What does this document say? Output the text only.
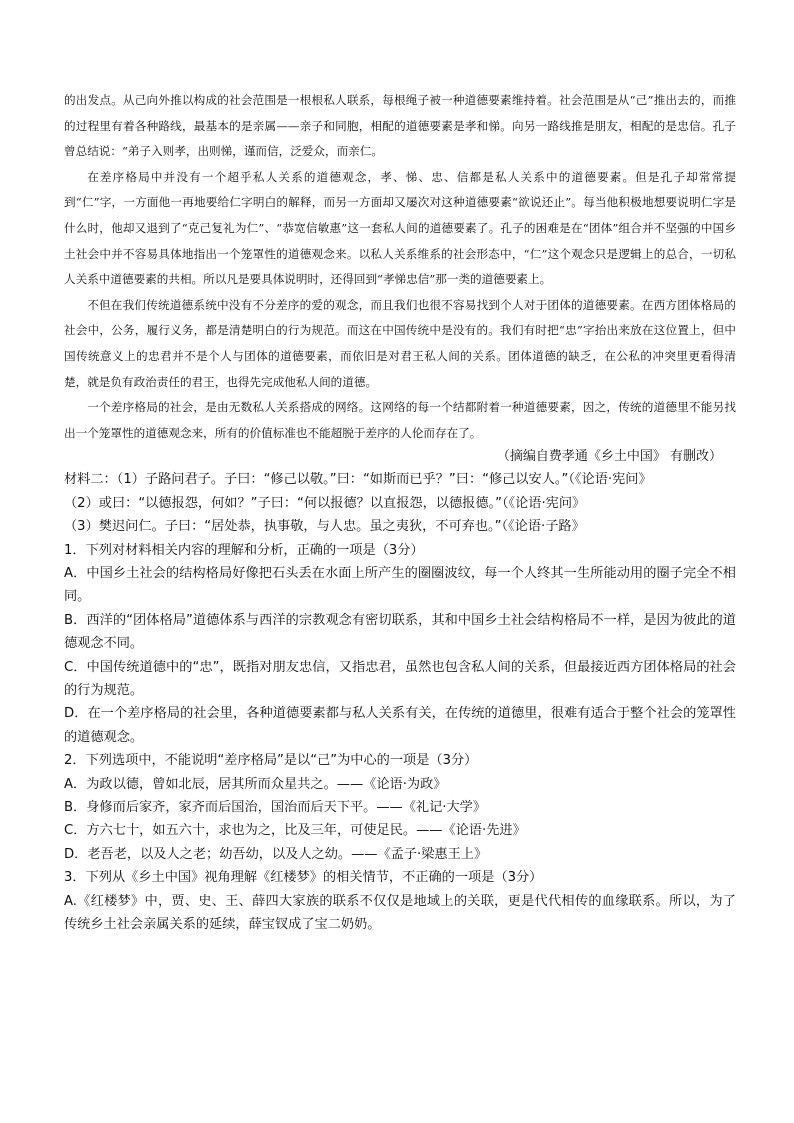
的出发点。从己向外推以构成的社会范围是一根根私人联系，每根绳子被一种道德要素维持着。社会范围是从“己”推出去的，而推的过程里有着各种路线，最基本的是亲属——亲子和同胞，相配的道德要素是孝和悌。向另一路线推是朋友，相配的是忠信。孔子曾总结说：“弟子入则孝，出则悌，谨而信，泛爱众，而亲仁。

在差序格局中并没有一个超乎私人关系的道德观念，孝、悌、忠、信都是私人关系中的道德要素。但是孔子却常常提到“仁”字，一方面他一再地要给仁字明白的解释，而另一方面却又屡次对这种道德要素“欲说还止”。每当他积极地想要说明仁字是什么时，他却又退到了“克己复礼为仁”、“恭宽信敏惠”这一套私人间的道德要素了。孔子的困难是在“团体”组合并不坚强的中国乡土社会中并不容易具体地指出一个笼罩性的道德观念来。以私人关系维系的社会形态中，“仁”这个观念只是逻辑上的总合，一切私人关系中道德要素的共相。所以凡是要具体说明时，还得回到“孝悌忠信”那一类的道德要素上。

不但在我们传统道德系统中没有不分差序的爱的观念，而且我们也很不容易找到个人对于团体的道德要素。在西方团体格局的社会中，公务，履行义务，都是清楚明白的行为规范。而这在中国传统中是没有的。我们有时把“忠”字抬出来放在这位置上，但中国传统意义上的忠君并不是个人与团体的道德要素，而依旧是对君王私人间的关系。团体道德的缺乏，在公私的冲突里更看得清楚，就是负有政治责任的君王，也得先完成他私人间的道德。

一个差序格局的社会，是由无数私人关系搭成的网络。这网络的每一个结都附着一种道德要素，因之，传统的道德里不能另找出一个笼罩性的道德观念来，所有的价值标准也不能超脱于差序的人伦而存在了。

（摘编自费孝通《乡土中国》 有删改）

材料二：（1）子路问君子。子曰：“修己以敬。”曰：“如斯而已乎？”曰：“修己以安人。”（《论语·宪问》

（2）或曰：“以德报怨，何如？”子曰：“何以报德？以直报怨，以德报德。”（《论语·宪问》

（3）樊迟问仁。子曰：“居处恭，执事敬，与人忠。虽之夷狄，不可弃也。”（《论语·子路》

1．下列对材料相关内容的理解和分析，正确的一项是（3分）

A．中国乡土社会的结构格局好像把石头丢在水面上所产生的圈圈波纹，每一个人终其一生所能动用的圈子完全不相同。

B．西洋的“团体格局”道德体系与西洋的宗教观念有密切联系，其和中国乡土社会结构格局不一样，是因为彼此的道德观念不同。

C．中国传统道德中的“忠”，既指对朋友忠信，又指忠君，虽然也包含私人间的关系，但最接近西方团体格局的社会的行为规范。

D．在一个差序格局的社会里，各种道德要素都与私人关系有关，在传统的道德里，很难有适合于整个社会的笼罩性的道德观念。

2．下列选项中，不能说明“差序格局”是以“己”为中心的一项是（3分）

A．为政以德，曾如北辰，居其所而众星共之。——《论语·为政》

B．身修而后家齐，家齐而后国治，国治而后天下平。——《礼记·大学》

C．方六七十，如五六十，求也为之，比及三年，可使足民。——《论语·先进》

D．老吾老，以及人之老；幼吾幼，以及人之幼。——《孟子·梁惠王上》

3．下列从《乡土中国》视角理解《红楼梦》的相关情节，不正确的一项是（3分）

A.《红楼梦》中，贾、史、王、薛四大家族的联系不仅仅是地域上的关联，更是代代相传的血缘联系。所以，为了传统乡土社会亲属关系的延续，薛宝钗成了宝二奶奶。
